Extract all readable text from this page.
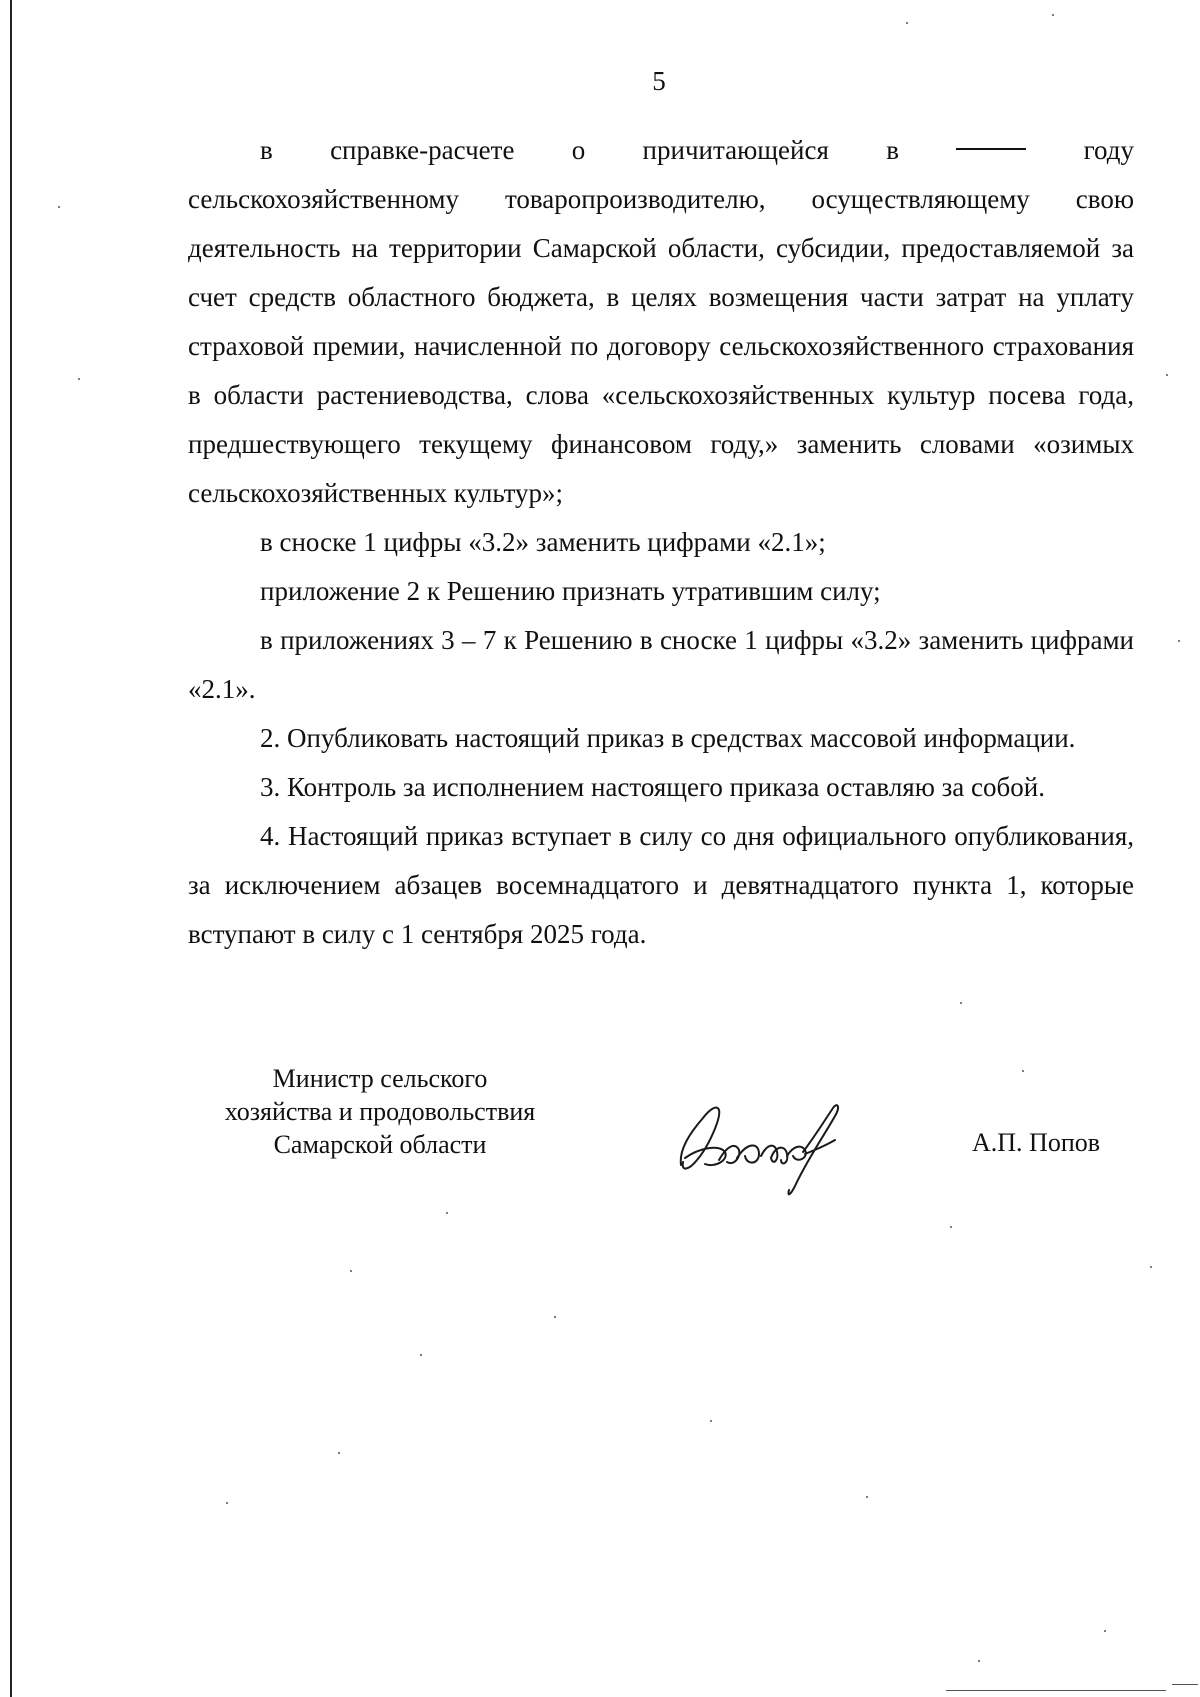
5
в справке-расчете о причитающейся в	году

сельскохозяйственному товаропроизводителю, осуществляющему свою деятельность на территории Самарской области, субсидии, предоставляемой за счет средств областного бюджета, в целях возмещения части затрат на уплату страховой премии, начисленной по договору сельскохозяйственного страхования в области растениеводства, слова «сельскохозяйственных культур посева года, предшествующего текущему финансовом году,» заменить словами «озимых сельскохозяйственных культур»;

в сноске 1 цифры «3.2» заменить цифрами «2.1»;

приложение 2 к Решению признать утратившим силу;

в приложениях 3 – 7 к Решению в сноске 1 цифры «3.2» заменить цифрами «2.1».

2. Опубликовать настоящий приказ в средствах массовой информации.

3. Контроль за исполнением настоящего приказа оставляю за собой.

4. Настоящий приказ вступает в силу со дня официального опубликования, за исключением абзацев восемнадцатого и девятнадцатого пункта 1, которые вступают в силу с 1 сентября 2025 года.

Министр сельского
хозяйства и продовольствия
Самарской области	А.П. Попов
